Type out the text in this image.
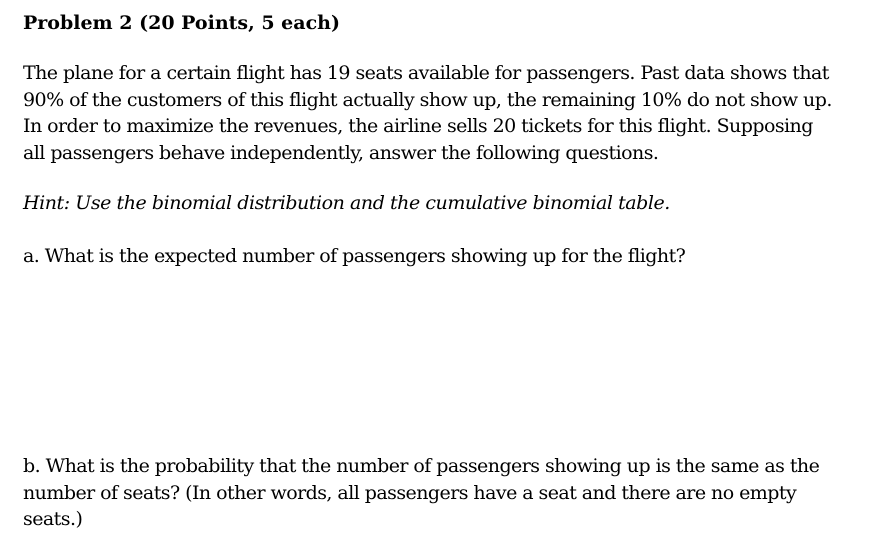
Problem 2 (20 Points, 5 each)
The plane for a certain flight has 19 seats available for passengers. Past data shows that
90% of the customers of this flight actually show up, the remaining 10% do not show up.
In order to maximize the revenues, the airline sells 20 tickets for this flight. Supposing
all passengers behave independently, answer the following questions.
Hint: Use the binomial distribution and the cumulative binomial table.
a. What is the expected number of passengers showing up for the flight?
b. What is the probability that the number of passengers showing up is the same as the
number of seats? (In other words, all passengers have a seat and there are no empty
seats.)
